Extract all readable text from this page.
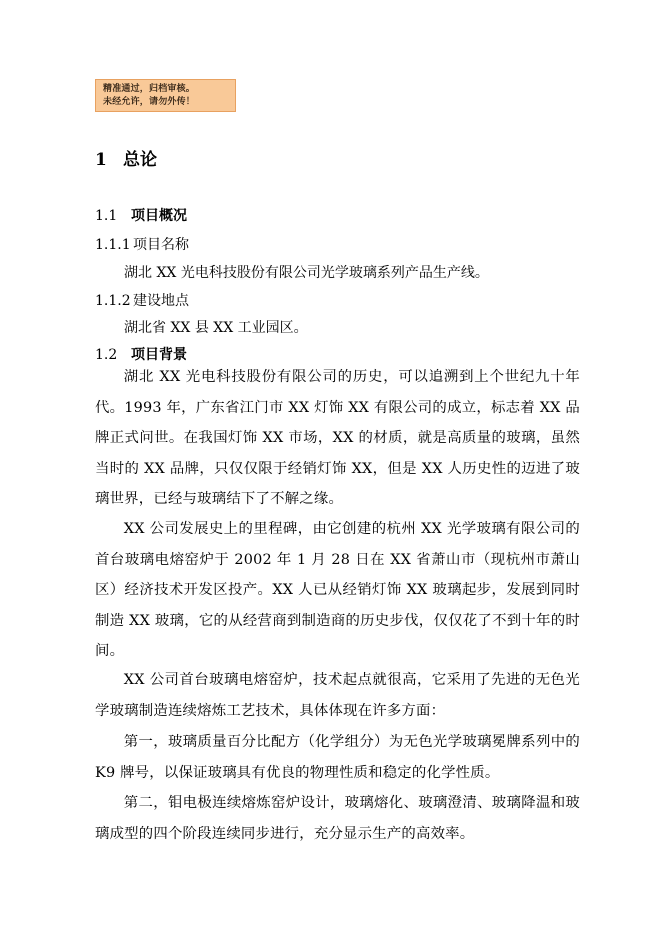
精准通过，归档审核。
未经允许，请勿外传！
1 总论
1.1 项目概况
1.1.1 项目名称
湖北 XX 光电科技股份有限公司光学玻璃系列产品生产线。
1.1.2 建设地点
湖北省 XX 县 XX 工业园区。
1.2 项目背景
湖北 XX 光电科技股份有限公司的历史，可以追溯到上个世纪九十年代。1993 年，广东省江门市 XX 灯饰 XX 有限公司的成立，标志着 XX 品牌正式问世。在我国灯饰 XX 市场，XX 的材质，就是高质量的玻璃，虽然当时的 XX 品牌，只仅仅限于经销灯饰 XX，但是 XX 人历史性的迈进了玻璃世界，已经与玻璃结下了不解之缘。
XX 公司发展史上的里程碑，由它创建的杭州 XX 光学玻璃有限公司的首台玻璃电熔窑炉于 2002 年 1 月 28 日在 XX 省萧山市（现杭州市萧山区）经济技术开发区投产。XX 人已从经销灯饰 XX 玻璃起步，发展到同时制造 XX 玻璃，它的从经营商到制造商的历史步伐，仅仅花了不到十年的时间。
XX 公司首台玻璃电熔窑炉，技术起点就很高，它采用了先进的无色光学玻璃制造连续熔炼工艺技术，具体体现在许多方面：
第一，玻璃质量百分比配方（化学组分）为无色光学玻璃冕牌系列中的 K9 牌号，以保证玻璃具有优良的物理性质和稳定的化学性质。
第二，钼电极连续熔炼窑炉设计，玻璃熔化、玻璃澄清、玻璃降温和玻璃成型的四个阶段连续同步进行，充分显示生产的高效率。
